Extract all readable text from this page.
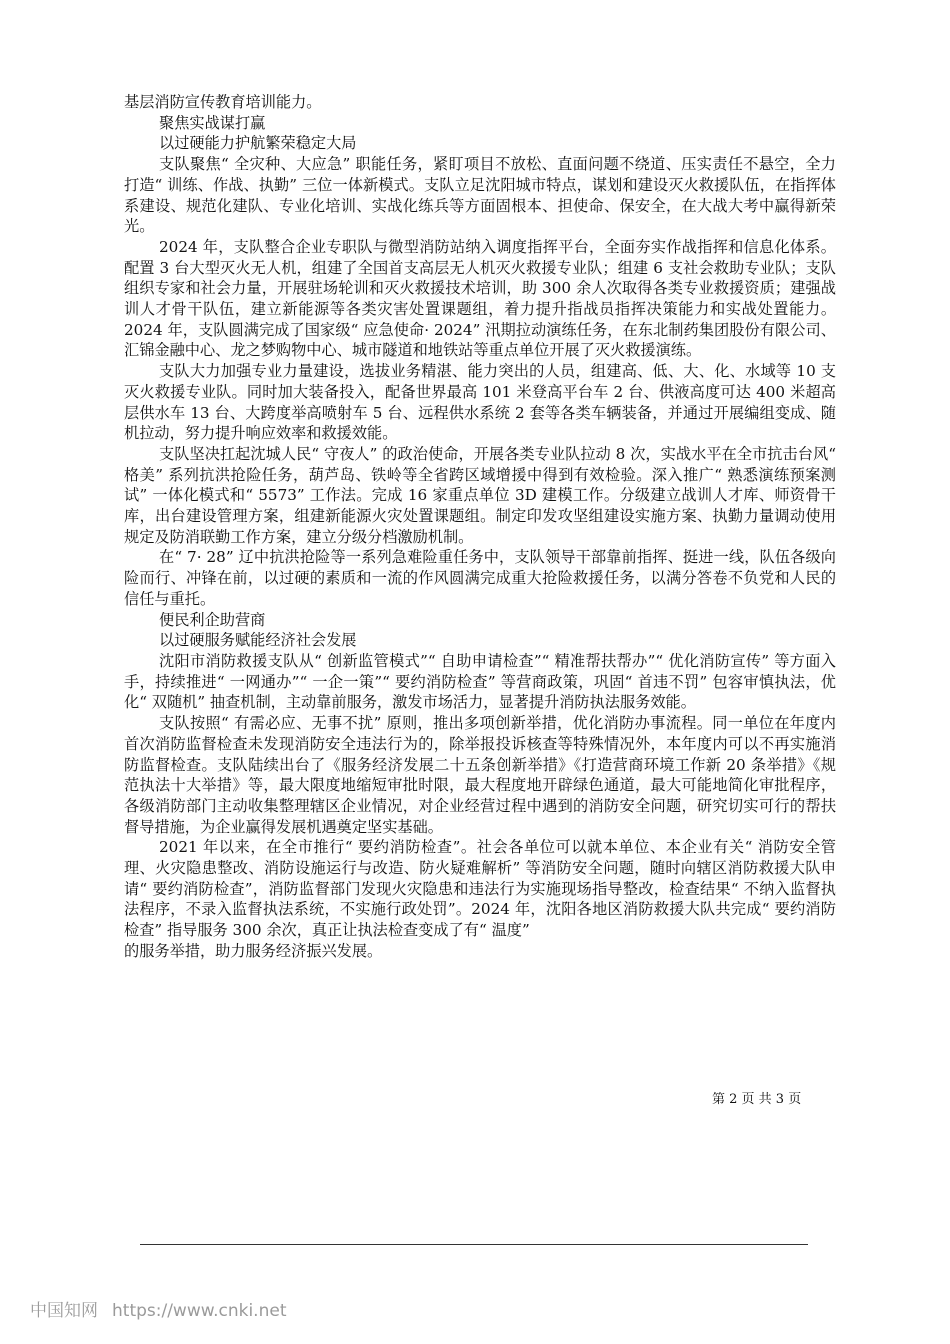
基层消防宣传教育培训能力。

聚焦实战谋打赢

以过硬能力护航繁荣稳定大局

支队聚焦“ 全灾种、大应急” 职能任务，紧盯项目不放松、直面问题不绕道、压实责任不悬空，全力打造“ 训练、作战、执勤” 三位一体新模式。支队立足沈阳城市特点，谋划和建设灭火救援队伍，在指挥体系建设、规范化建队、专业化培训、实战化练兵等方面固根本、担使命、保安全，在大战大考中赢得新荣光。

2024 年，支队整合企业专职队与微型消防站纳入调度指挥平台，全面夯实作战指挥和信息化体系。配置 3 台大型灭火无人机，组建了全国首支高层无人机灭火救援专业队；组建 6 支社会救助专业队；支队组织专家和社会力量，开展驻场轮训和灭火救援技术培训，助 300 余人次取得各类专业救援资质；建强战训人才骨干队伍，建立新能源等各类灾害处置课题组，着力提升指战员指挥决策能力和实战处置能力。2024 年，支队圆满完成了国家级“ 应急使命· 2024” 汛期拉动演练任务，在东北制药集团股份有限公司、汇锦金融中心、龙之梦购物中心、城市隧道和地铁站等重点单位开展了灭火救援演练。

支队大力加强专业力量建设，选拔业务精湛、能力突出的人员，组建高、低、大、化、水域等 10 支灭火救援专业队。同时加大装备投入，配备世界最高 101 米登高平台车 2 台、供液高度可达 400 米超高层供水车 13 台、大跨度举高喷射车 5 台、远程供水系统 2 套等各类车辆装备，并通过开展编组变成、随机拉动，努力提升响应效率和救援效能。

支队坚决扛起沈城人民“ 守夜人” 的政治使命，开展各类专业队拉动 8 次，实战水平在全市抗击台风“ 格美” 系列抗洪抢险任务，葫芦岛、铁岭等全省跨区域增援中得到有效检验。深入推广“ 熟悉演练预案测试” 一体化模式和“ 5573” 工作法。完成 16 家重点单位 3D 建模工作。分级建立战训人才库、师资骨干库，出台建设管理方案，组建新能源火灾处置课题组。制定印发攻坚组建设实施方案、执勤力量调动使用规定及防消联勤工作方案，建立分级分档激励机制。

在“ 7· 28” 辽中抗洪抢险等一系列急难险重任务中，支队领导干部靠前指挥、挺进一线，队伍各级向险而行、冲锋在前，以过硬的素质和一流的作风圆满完成重大抢险救援任务，以满分答卷不负党和人民的信任与重托。

便民利企助营商

以过硬服务赋能经济社会发展

沈阳市消防救援支队从“ 创新监管模式”“ 自助申请检查”“ 精准帮扶帮办”“ 优化消防宣传” 等方面入手，持续推进“ 一网通办”“ 一企一策”“ 要约消防检查” 等营商政策，巩固“ 首违不罚” 包容审慎执法，优化“ 双随机” 抽查机制，主动靠前服务，激发市场活力，显著提升消防执法服务效能。

支队按照“ 有需必应、无事不扰” 原则，推出多项创新举措，优化消防办事流程。同一单位在年度内首次消防监督检查未发现消防安全违法行为的，除举报投诉核查等特殊情况外，本年度内可以不再实施消防监督检查。支队陆续出台了《服务经济发展二十五条创新举措》《打造营商环境工作新 20 条举措》《规范执法十大举措》等，最大限度地缩短审批时限，最大程度地开辟绿色通道，最大可能地简化审批程序，各级消防部门主动收集整理辖区企业情况，对企业经营过程中遇到的消防安全问题，研究切实可行的帮扶督导措施，为企业赢得发展机遇奠定坚实基础。

2021 年以来，在全市推行“ 要约消防检查”。社会各单位可以就本单位、本企业有关“ 消防安全管理、火灾隐患整改、消防设施运行与改造、防火疑难解析” 等消防安全问题，随时向辖区消防救援大队申请“ 要约消防检查”，消防监督部门发现火灾隐患和违法行为实施现场指导整改，检查结果“ 不纳入监督执法程序，不录入监督执法系统，不实施行政处罚”。2024 年，沈阳各地区消防救援大队共完成“ 要约消防检查” 指导服务 300 余次，真正让执法检查变成了有“ 温度”

的服务举措，助力服务经济振兴发展。

第 2 页 共 3 页
中国知网 https://www.cnki.net
